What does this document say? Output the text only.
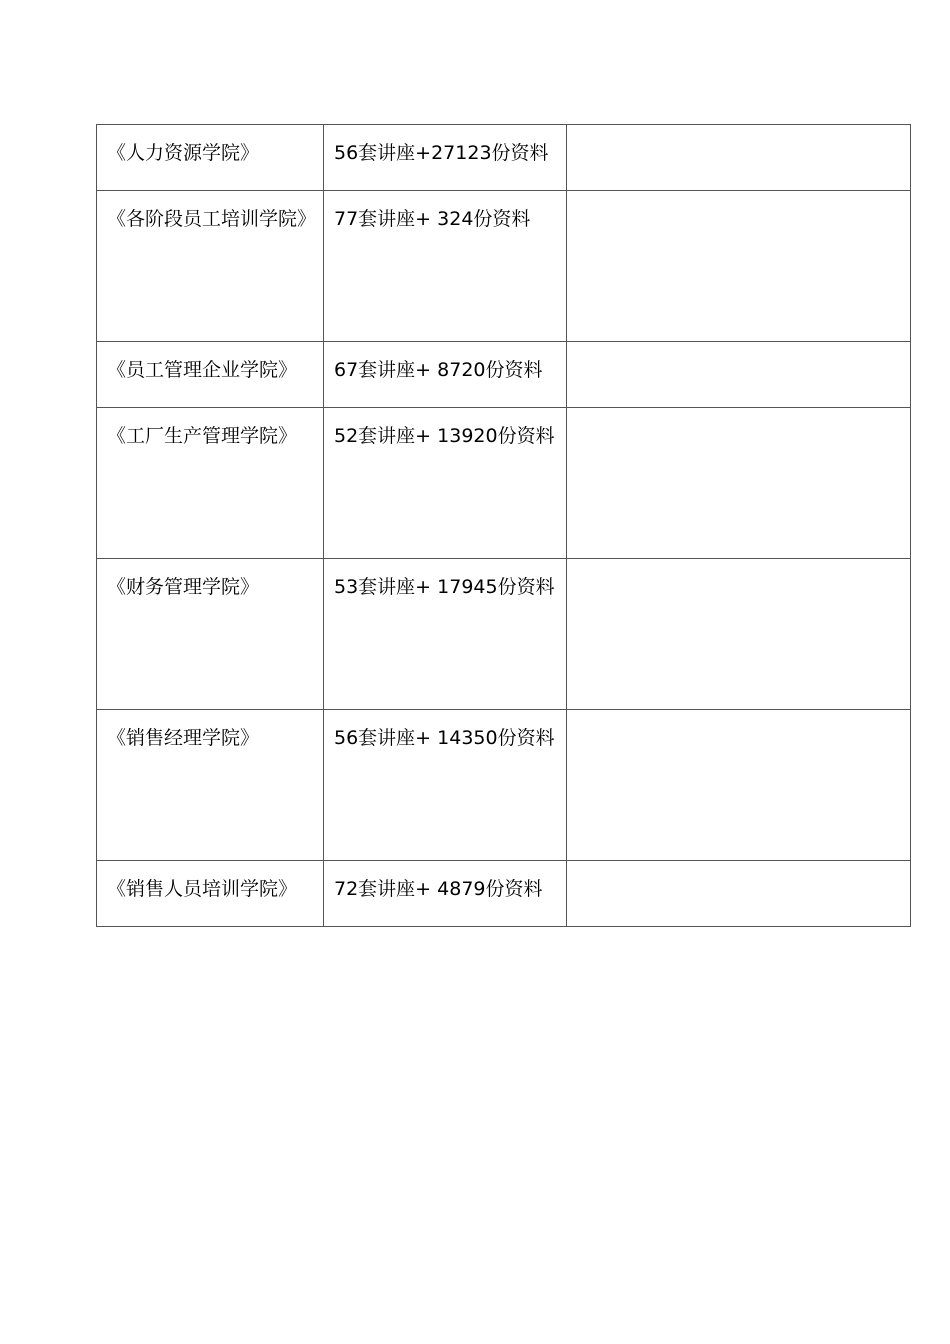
《人力资源学院》	56套讲座+27123份资料	

《各阶段员工培训学院》	77套讲座+ 324份资料	

《员工管理企业学院》	67套讲座+ 8720份资料	

《工厂生产管理学院》	52套讲座+ 13920份资料	

《财务管理学院》	53套讲座+ 17945份资料	

《销售经理学院》	56套讲座+ 14350份资料	

《销售人员培训学院》	72套讲座+ 4879份资料	
